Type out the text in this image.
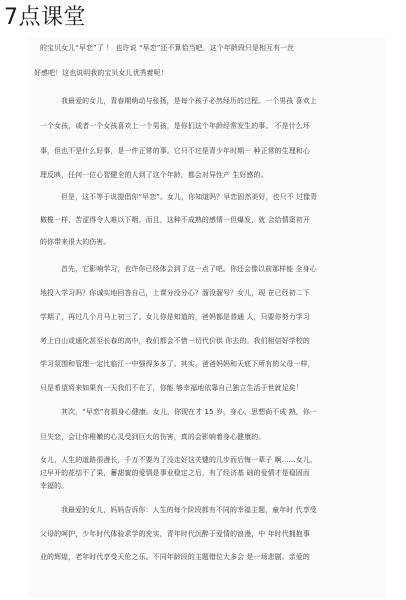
7点课堂
的宝贝女儿“早恋”了 ！ 也许说 “早恋”还不算恰当吧，这个年龄段只是相互有一丝
好感吧！这也说明我的宝贝女儿优秀着呢！
我最爱的女儿，青春期萌动与张扬，是每个孩子必然经历的过程。一个男孩 喜欢上
一个女孩，或者一个女孩喜欢上一个男孩，是你们这个年龄经常发生的事。 不是什么坏
事，但也不是什么好事，是一件正常的事。它只不过是青少年时期一 种正常的生理和心
理反映，任何一位心智健全的人到了这个年龄，都会对异性产 生好感的。
但是，这不等于说提倡你“早恋”。女儿，你知道吗？早恋固然美好，也只不 过像青
橄榄一样，苦涩得令人难以下咽。而且，这种不成熟的感情一但爆发，就 会给情窦初开
的你带来很大的伤害。
首先，它影响学习，也许你已经体会到了这一点了吧。你还会像以前那样能 全身心
地投入学习吗？你诚实地回答自己，上课分没分心？溜没溜号？女儿，现 在已经初二下
学期了，再过几个月马上初三了。女儿你是知道的，爸妈都是普通 人，只要你努力学习
考上白山或通化甚至长春的高中，我们都会不惜一切代价供 你去的。我们相信好学校的
学习氛围和管理一定比临江一中强得多多了。其实，爸爸妈妈和天底下所有的父母一样，
只是希望将来如果有一天我们不在了，你能 够幸福地依靠自己独立生活于世就足矣！
其次，“早恋”有损身心健康。女儿，你现在才 15 岁，身心、思想尚不成 熟，你一
旦失恋，会让你稚嫩的心灵受到巨大的伤害，真的会影响着身心健康的。
女儿，人生的道路很漫长，千万不要为了没走好这关键的几步而后悔一辈子 啊……女儿，
过早开的花结不了果，蓄甜蜜的爱情是事业稳定之后，有了经济基 础的爱情才是稳固而
幸福的。
我最爱的女儿，妈妈告诉你：人生的每个阶段都有不同的幸福主题，童年时 代享受
父母的呵护，少年时代体验求学的充实，青年时代沉醉于爱情的浪漫，中 年时代拥抱事
业的辉煌，老年时代享受天伦之乐。不同年龄段的主题错位大多会 是一场悲剧。亲爱的
